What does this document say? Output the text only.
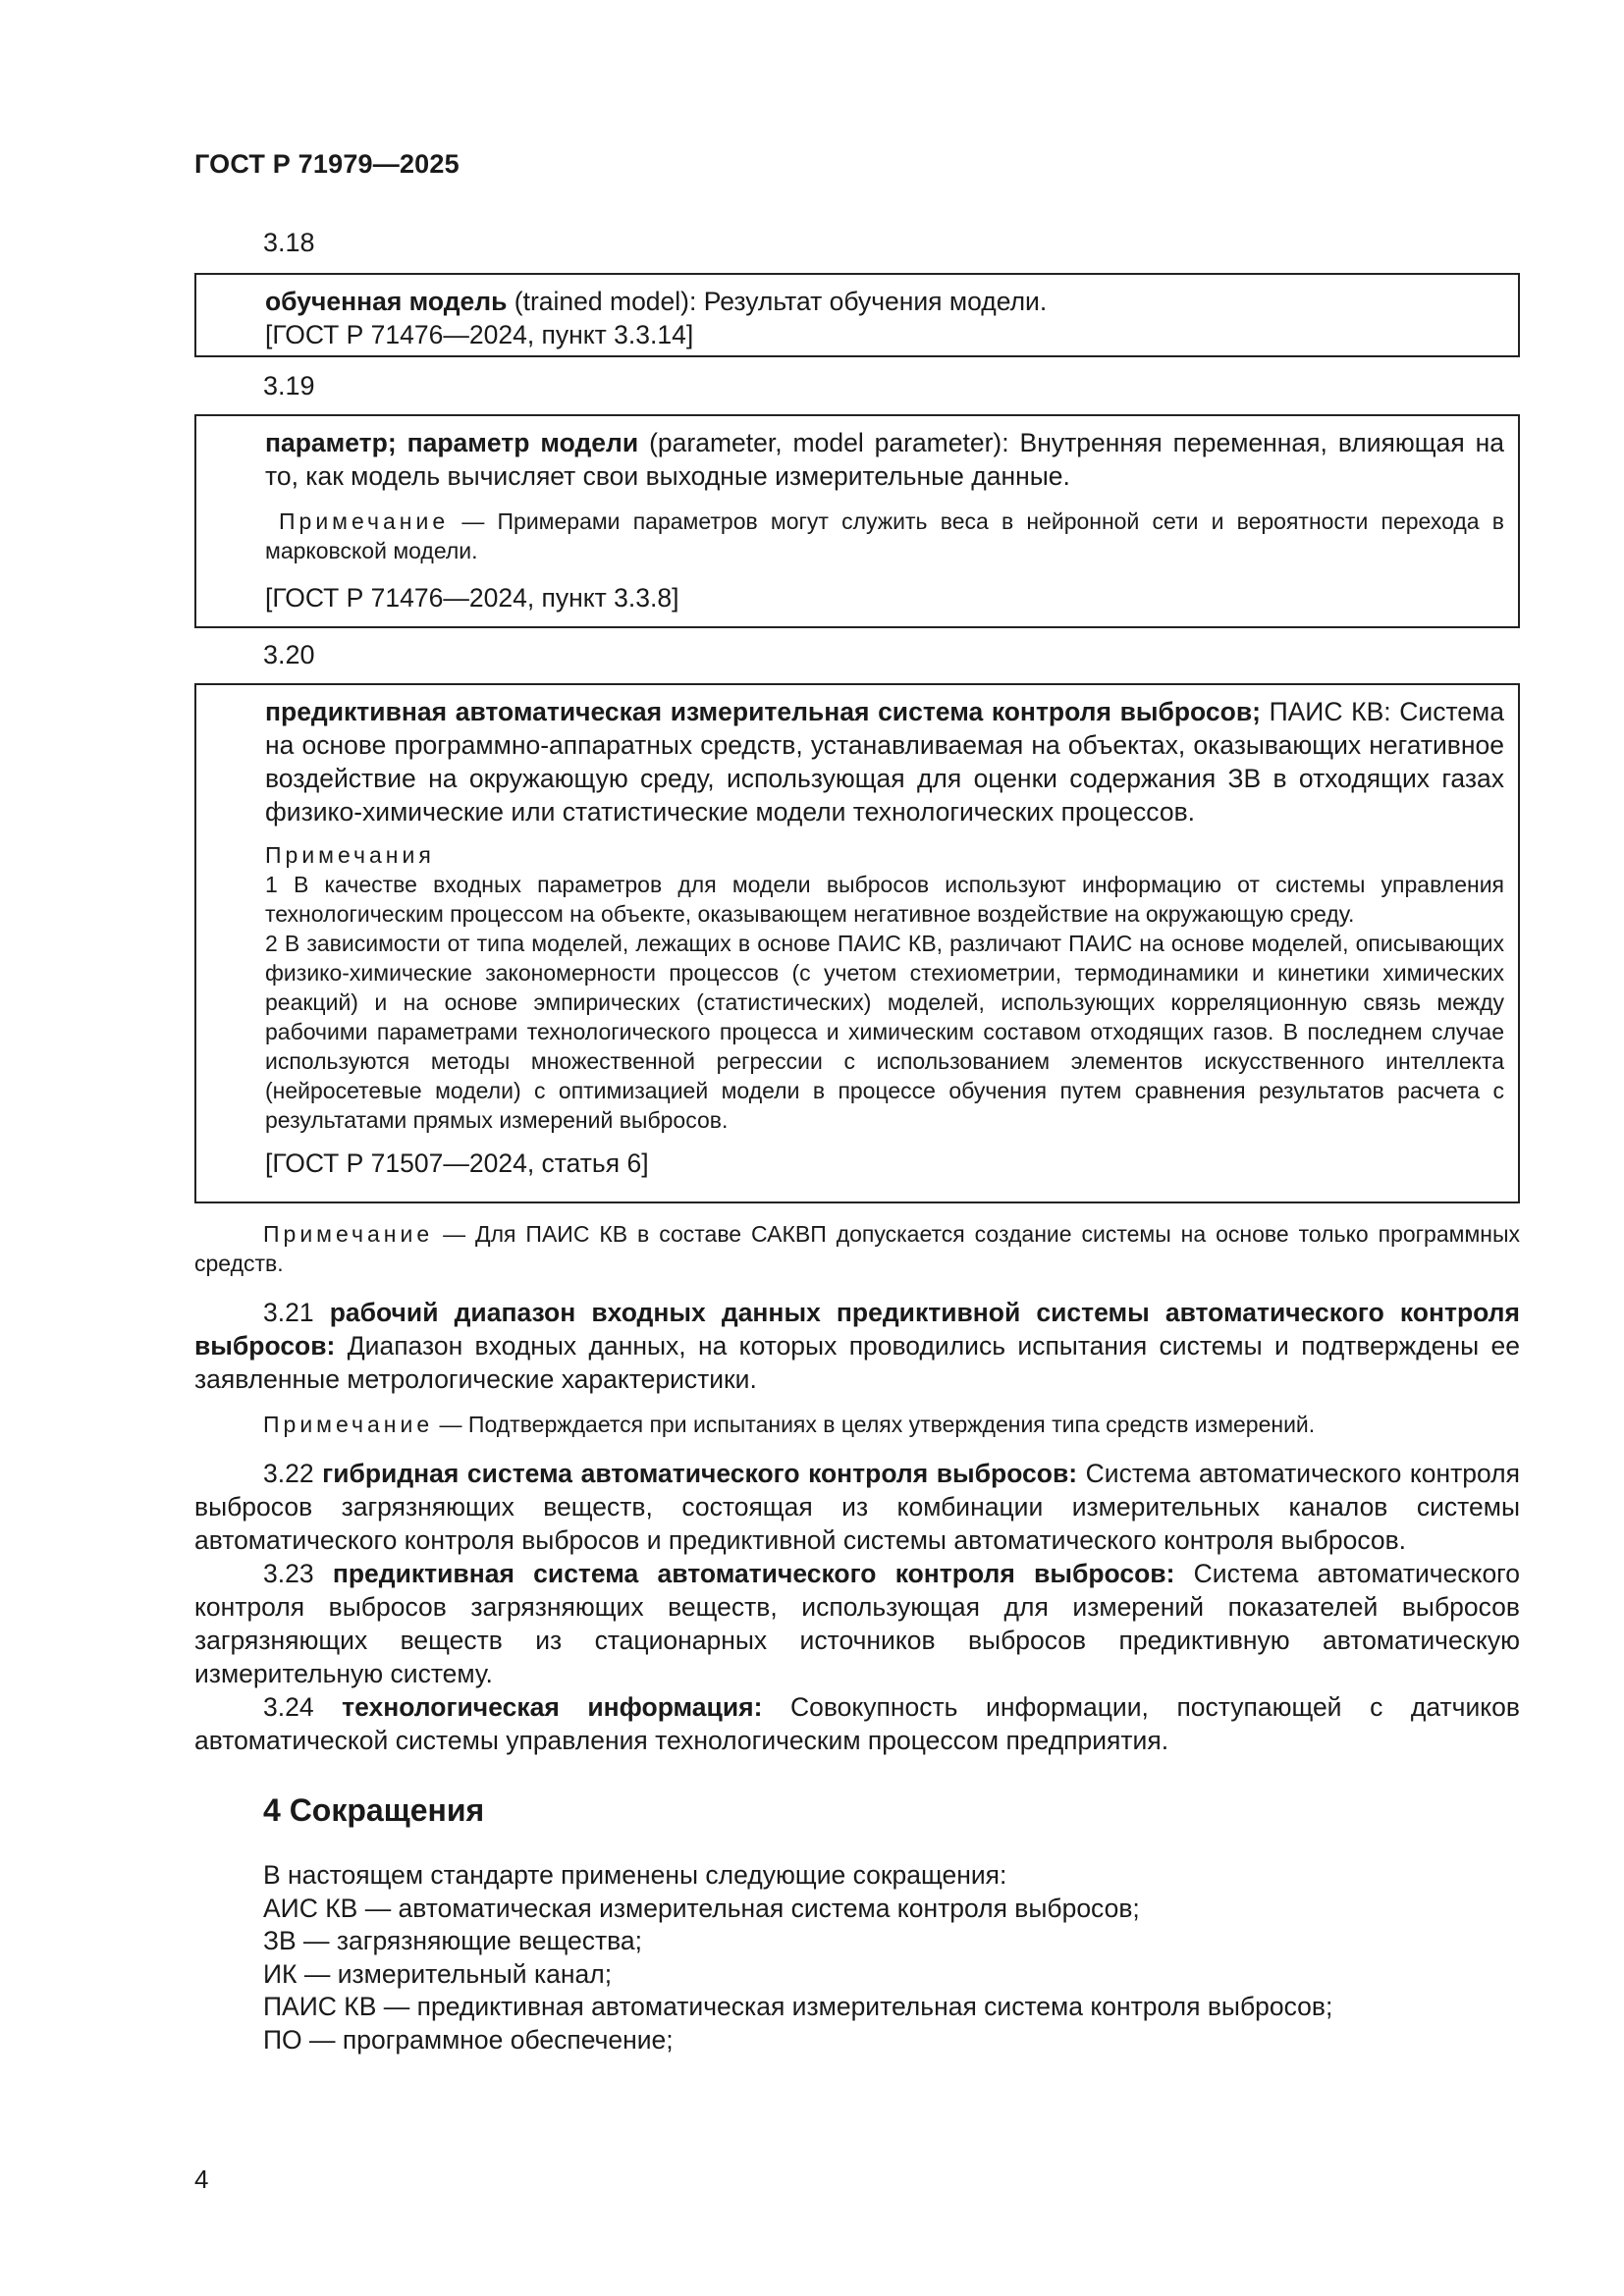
ГОСТ Р 71979—2025
3.18

обученная модель (trained model): Результат обучения модели.

[ГОСТ Р 71476—2024, пункт 3.3.14]

3.19

параметр; параметр модели (parameter, model parameter): Внутренняя переменная, влияющая на то, как модель вычисляет свои выходные измерительные данные.

Примечание — Примерами параметров могут служить веса в нейронной сети и вероятности перехода в марковской модели.

[ГОСТ Р 71476—2024, пункт 3.3.8]

3.20

предиктивная автоматическая измерительная система контроля выбросов; ПАИС КВ: Система на основе программно-аппаратных средств, устанавливаемая на объектах, оказывающих негативное воздействие на окружающую среду, использующая для оценки содержания ЗВ в отходящих газах физико-химические или статистические модели технологических процессов.

Примечания

1 В качестве входных параметров для модели выбросов используют информацию от системы управления технологическим процессом на объекте, оказывающем негативное воздействие на окружающую среду.

2 В зависимости от типа моделей, лежащих в основе ПАИС КВ, различают ПАИС на основе моделей, описывающих физико-химические закономерности процессов (с учетом стехиометрии, термодинамики и кинетики химических реакций) и на основе эмпирических (статистических) моделей, использующих корреляционную связь между рабочими параметрами технологического процесса и химическим составом отходящих газов. В последнем случае используются методы множественной регрессии с использованием элементов искусственного интеллекта (нейросетевые модели) с оптимизацией модели в процессе обучения путем сравнения результатов расчета с результатами прямых измерений выбросов.

[ГОСТ Р 71507—2024, статья 6]

Примечание — Для ПАИС КВ в составе САКВП допускается создание системы на основе только программных средств.

3.21 рабочий диапазон входных данных предиктивной системы автоматического контроля выбросов: Диапазон входных данных, на которых проводились испытания системы и подтверждены ее заявленные метрологические характеристики.

Примечание — Подтверждается при испытаниях в целях утверждения типа средств измерений.

3.22 гибридная система автоматического контроля выбросов: Система автоматического контроля выбросов загрязняющих веществ, состоящая из комбинации измерительных каналов системы автоматического контроля выбросов и предиктивной системы автоматического контроля выбросов.

3.23 предиктивная система автоматического контроля выбросов: Система автоматического контроля выбросов загрязняющих веществ, использующая для измерений показателей выбросов загрязняющих веществ из стационарных источников выбросов предиктивную автоматическую измерительную систему.

3.24 технологическая информация: Совокупность информации, поступающей с датчиков автоматической системы управления технологическим процессом предприятия.

4 Сокращения

В настоящем стандарте применены следующие сокращения:

АИС КВ — автоматическая измерительная система контроля выбросов;

ЗВ — загрязняющие вещества;

ИК — измерительный канал;

ПАИС КВ — предиктивная автоматическая измерительная система контроля выбросов;

ПО — программное обеспечение;

4
